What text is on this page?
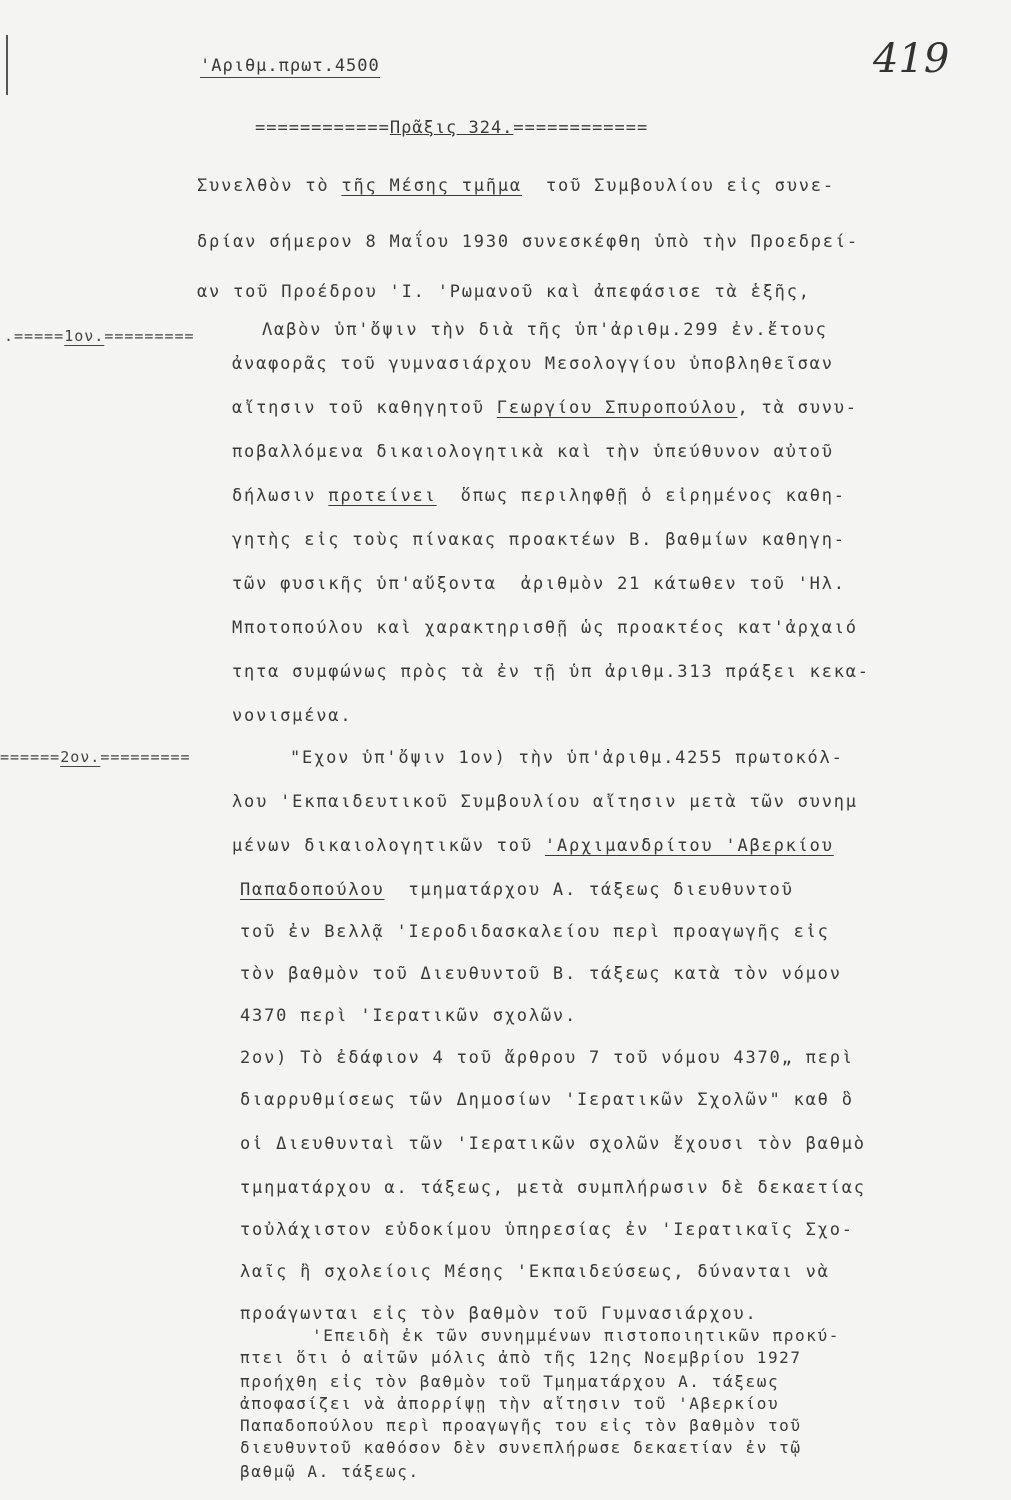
'Αριθμ.πρωτ.4500	419
============Πρᾶξις 324.============
.=====1ον.=========
======2ον.=========
Συνελθὸν τὸ τῆς Μέσης τμῆμα  τοῦ Συμβουλίου εἰς συνε-
δρίαν σήμερον 8 Μαΐου 1930 συνεσκέφθη ὑπὸ τὴν Προεδρεί-
αν τοῦ Προέδρου 'Ι. 'Ρωμανοῦ καὶ ἀπεφάσισε τὰ ἑξῆς,
Λαβὸν ὑπ'ὄψιν τὴν διὰ τῆς ὑπ'ἀριθμ.299 ἐν.ἔτους
ἀναφορᾶς τοῦ γυμνασιάρχου Μεσολογγίου ὑποβληθεῖσαν
αἴτησιν τοῦ καθηγητοῦ Γεωργίου Σπυροπούλου, τὰ συνυ-
ποβαλλόμενα δικαιολογητικὰ καὶ τὴν ὑπεύθυνον αὐτοῦ
δήλωσιν προτείνει  ὅπως περιληφθῇ ὁ εἰρημένος καθη-
γητὴς εἰς τοὺς πίνακας προακτέων Β. βαθμίων καθηγη-
τῶν φυσικῆς ὑπ'αὔξοντα  ἀριθμὸν 21 κάτωθεν τοῦ 'Ηλ.
Μποτοπούλου καὶ χαρακτηρισθῇ ὡς προακτέος κατ'ἀρχαιό
τητα συμφώνως πρὸς τὰ ἐν τῇ ὑπ ἀριθμ.313 πράξει κεκα-
νονισμένα.
"Εχον ὑπ'ὄψιν 1ον) τὴν ὑπ'ἀριθμ.4255 πρωτοκόλ-
λου 'Εκπαιδευτικοῦ Συμβουλίου αἴτησιν μετὰ τῶν συνημ
μένων δικαιολογητικῶν τοῦ 'Αρχιμανδρίτου 'Αβερκίου
Παπαδοπούλου  τμηματάρχου Α. τάξεως διευθυντοῦ
τοῦ ἐν Βελλᾷ 'Ιεροδιδασκαλείου περὶ προαγωγῆς εἰς
τὸν βαθμὸν τοῦ Διευθυντοῦ Β. τάξεως κατὰ τὸν νόμον
4370 περὶ 'Ιερατικῶν σχολῶν.
2ον) Τὸ ἐδάφιον 4 τοῦ ἄρθρου 7 τοῦ νόμου 4370„ περὶ
διαρρυθμίσεως τῶν Δημοσίων 'Ιερατικῶν Σχολῶν" καθ ὃ
οἱ Διευθυνταὶ τῶν 'Ιερατικῶν σχολῶν ἔχουσι τὸν βαθμὸ
τμηματάρχου α. τάξεως, μετὰ συμπλήρωσιν δὲ δεκαετίας
τοὐλάχιστον εὐδοκίμου ὑπηρεσίας ἐν 'Ιερατικαῖς Σχο-
λαῖς ἢ σχολείοις Μέσης 'Εκπαιδεύσεως, δύνανται νὰ
προάγωνται εἰς τὸν βαθμὸν τοῦ Γυμνασιάρχου.
'Επειδὴ ἐκ τῶν συνημμένων πιστοποιητικῶν προκύ-
πτει ὅτι ὁ αἰτῶν μόλις ἀπὸ τῆς 12ης Νοεμβρίου 1927
προήχθη εἰς τὸν βαθμὸν τοῦ Τμηματάρχου Α. τάξεως
ἀποφασίζει νὰ ἀπορρίψῃ τὴν αἴτησιν τοῦ 'Αβερκίου
Παπαδοπούλου περὶ προαγωγῆς του εἰς τὸν βαθμὸν τοῦ
διευθυντοῦ καθόσον δὲν συνεπλήρωσε δεκαετίαν ἐν τῷ
βαθμῷ Α. τάξεως.
